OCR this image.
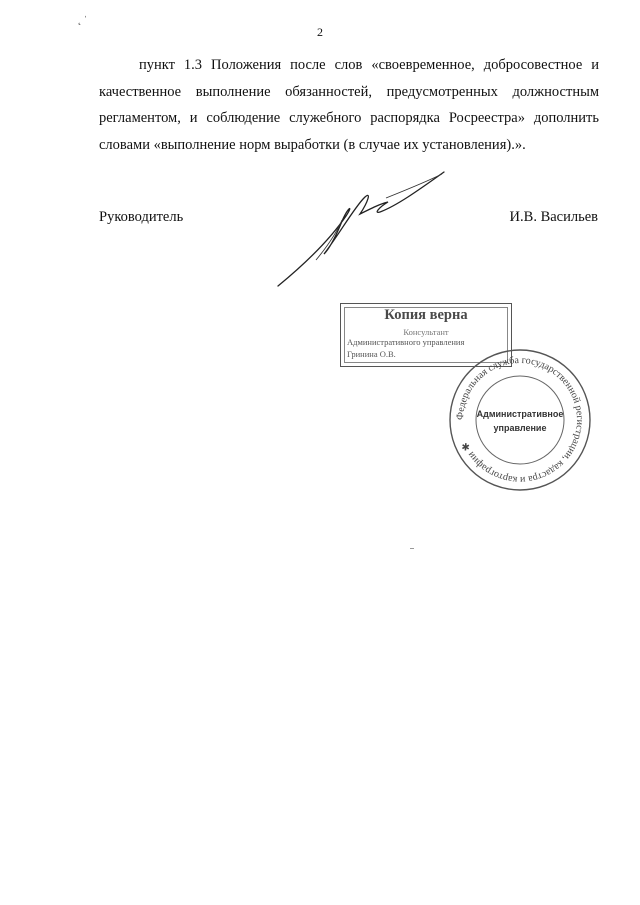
˛ ˈ
2

пункт 1.3 Положения после слов «своевременное, добросовестное и качественное выполнение обязанностей, предусмотренных должностным регламентом, и соблюдение служебного распорядка Росреестра» дополнить словами «выполнение норм выработки (в случае их установления).».

Руководитель	И.В. Васильев
Копия верна
Консультант
Административного управления
Гринина О.В.
Федеральная служба государственной регистрации, кадастра и картографии ✱
Административное
управление
